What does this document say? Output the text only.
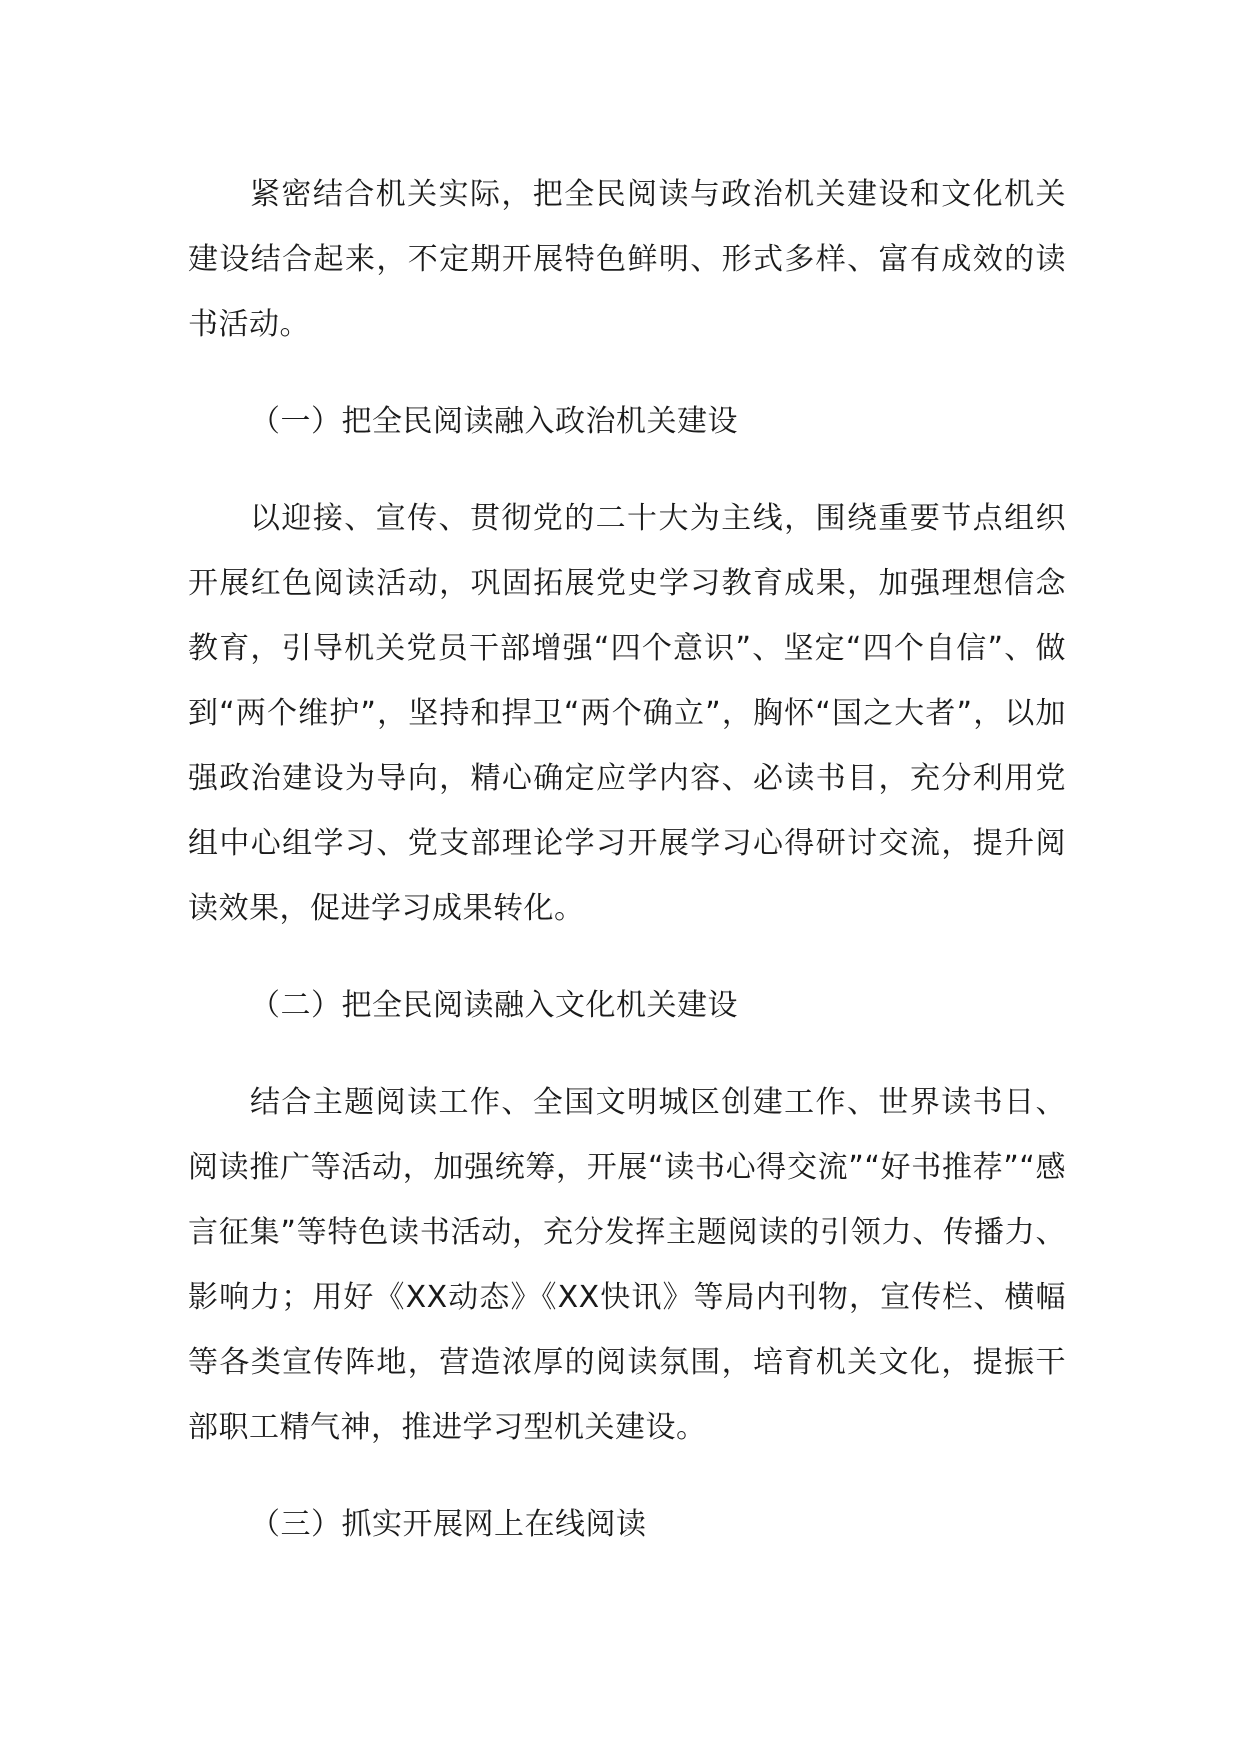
紧密结合机关实际，把全民阅读与政治机关建设和文化机关建设结合起来，不定期开展特色鲜明、形式多样、富有成效的读书活动。

（一）把全民阅读融入政治机关建设

以迎接、宣传、贯彻党的二十大为主线，围绕重要节点组织开展红色阅读活动，巩固拓展党史学习教育成果，加强理想信念教育，引导机关党员干部增强“四个意识”、坚定“四个自信”、做到“两个维护”，坚持和捍卫“两个确立”，胸怀“国之大者”，以加强政治建设为导向，精心确定应学内容、必读书目，充分利用党组中心组学习、党支部理论学习开展学习心得研讨交流，提升阅读效果，促进学习成果转化。

（二）把全民阅读融入文化机关建设

结合主题阅读工作、全国文明城区创建工作、世界读书日、阅读推广等活动，加强统筹，开展“读书心得交流”“好书推荐”“感言征集”等特色读书活动，充分发挥主题阅读的引领力、传播力、影响力；用好《XX动态》《XX快讯》等局内刊物，宣传栏、横幅等各类宣传阵地，营造浓厚的阅读氛围，培育机关文化，提振干部职工精气神，推进学习型机关建设。

（三）抓实开展网上在线阅读
